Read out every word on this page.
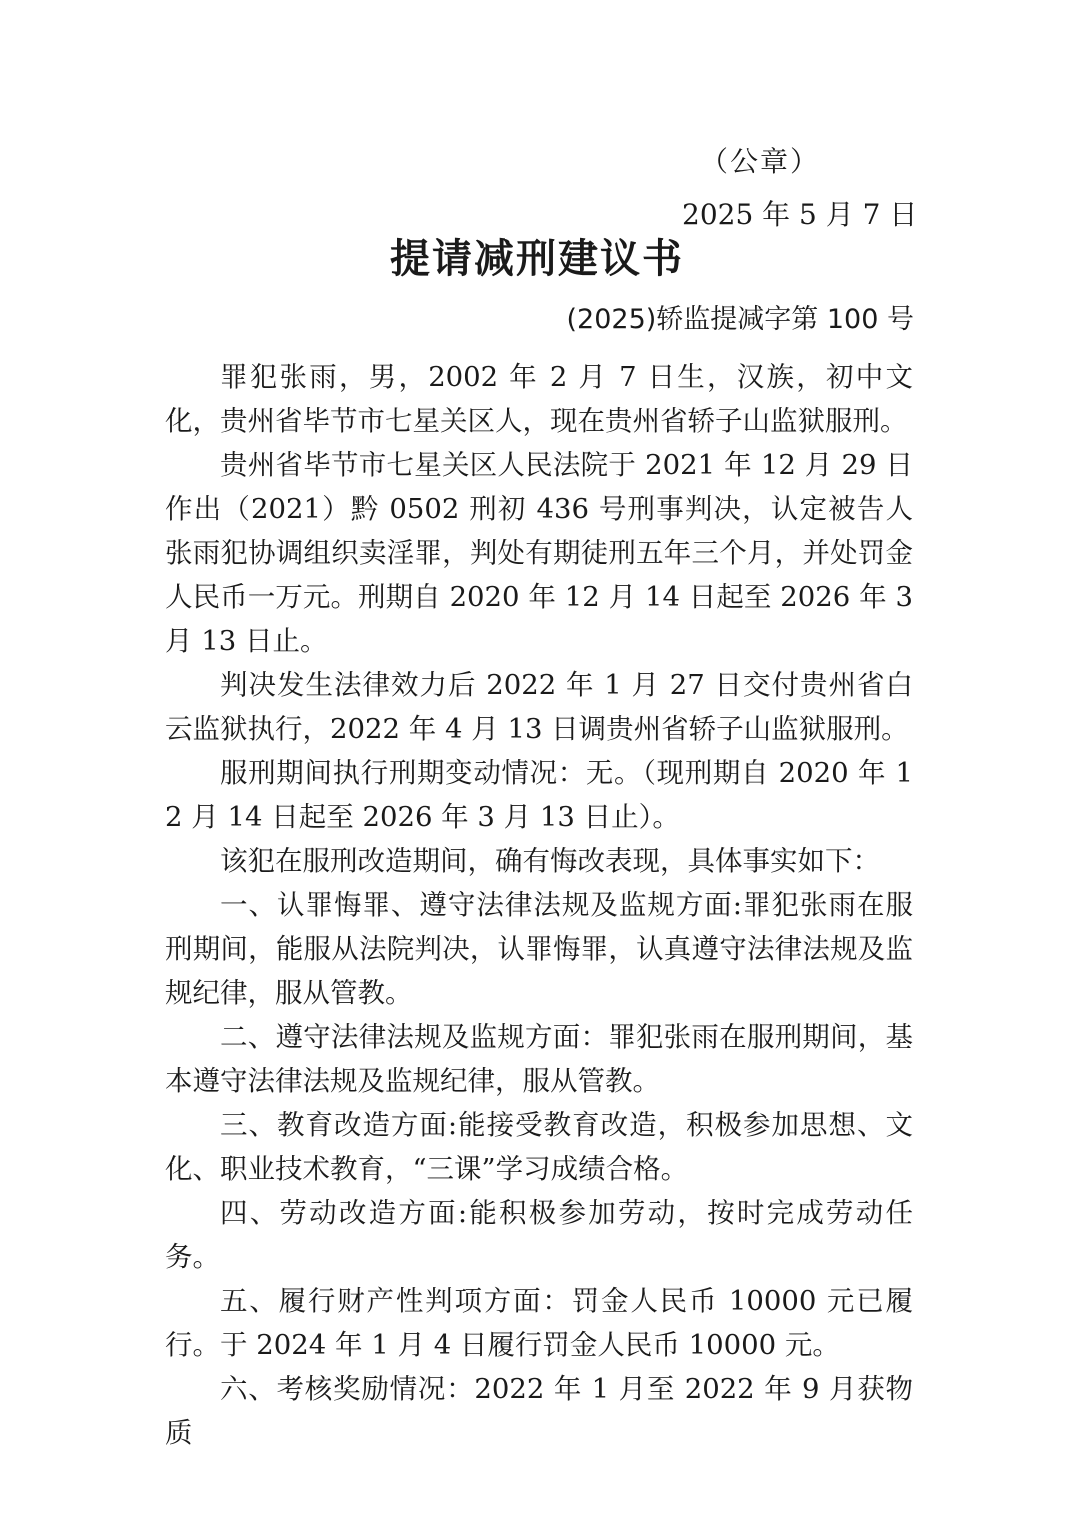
（公章）
2025 年 5 月 7 日
提请减刑建议书
(2025)轿监提减字第 100 号

罪犯张雨，男，2002 年 2 月 7 日生，汉族，初中文化，贵州省毕节市七星关区人，现在贵州省轿子山监狱服刑。

贵州省毕节市七星关区人民法院于 2021 年 12 月 29 日作出（2021）黔 0502 刑初 436 号刑事判决，认定被告人张雨犯协调组织卖淫罪，判处有期徒刑五年三个月，并处罚金人民币一万元。刑期自 2020 年 12 月 14 日起至 2026 年 3 月 13 日止。

判决发生法律效力后 2022 年 1 月 27 日交付贵州省白云监狱执行，2022 年 4 月 13 日调贵州省轿子山监狱服刑。

服刑期间执行刑期变动情况：无。（现刑期自 2020 年 12 月 14 日起至 2026 年 3 月 13 日止）。

该犯在服刑改造期间，确有悔改表现，具体事实如下：

一、认罪悔罪、遵守法律法规及监规方面:罪犯张雨在服刑期间，能服从法院判决，认罪悔罪，认真遵守法律法规及监规纪律，服从管教。

二、遵守法律法规及监规方面：罪犯张雨在服刑期间，基本遵守法律法规及监规纪律，服从管教。

三、教育改造方面:能接受教育改造，积极参加思想、文化、职业技术教育，“三课”学习成绩合格。

四、劳动改造方面:能积极参加劳动，按时完成劳动任务。

五、履行财产性判项方面：罚金人民币 10000 元已履行。于 2024 年 1 月 4 日履行罚金人民币 10000 元。

六、考核奖励情况：2022 年 1 月至 2022 年 9 月获物质
